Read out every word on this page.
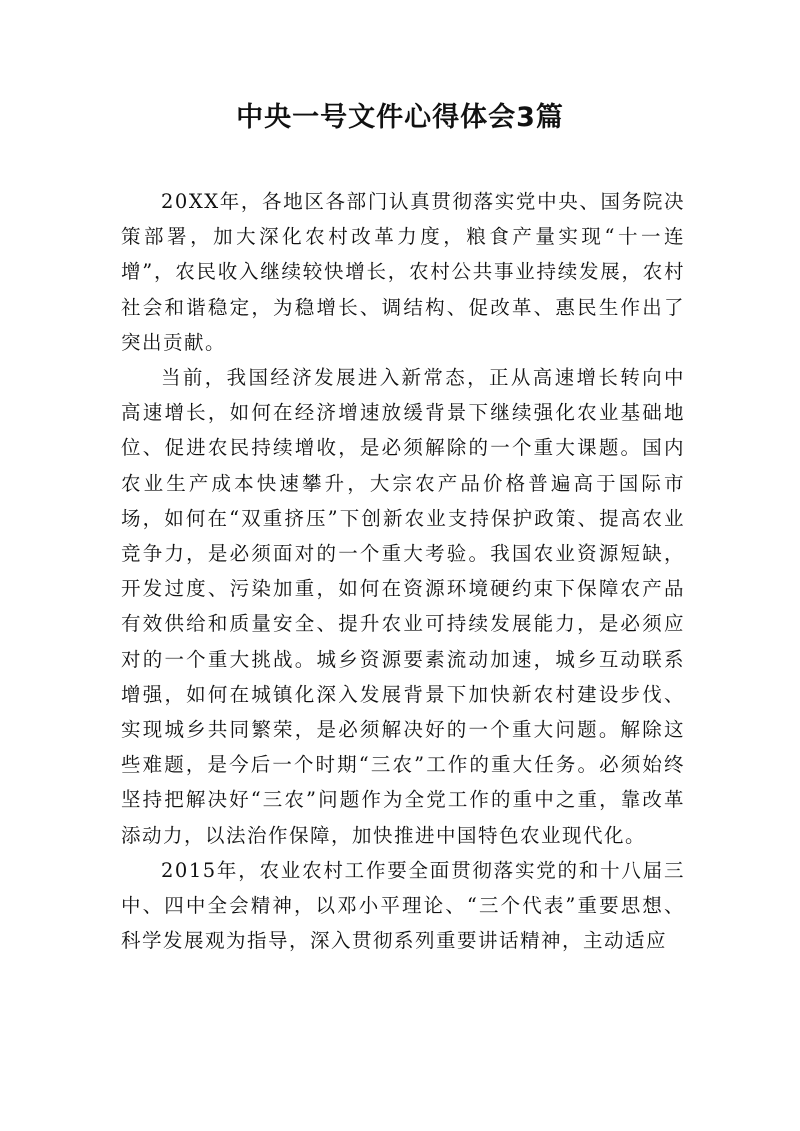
中央一号文件心得体会3篇

20XX年，各地区各部门认真贯彻落实党中央、国务院决策部署，加大深化农村改革力度，粮食产量实现“十一连增”，农民收入继续较快增长，农村公共事业持续发展，农村社会和谐稳定，为稳增长、调结构、促改革、惠民生作出了突出贡献。

当前，我国经济发展进入新常态，正从高速增长转向中高速增长，如何在经济增速放缓背景下继续强化农业基础地位、促进农民持续增收，是必须解除的一个重大课题。国内农业生产成本快速攀升，大宗农产品价格普遍高于国际市场，如何在“双重挤压”下创新农业支持保护政策、提高农业竞争力，是必须面对的一个重大考验。我国农业资源短缺，开发过度、污染加重，如何在资源环境硬约束下保障农产品有效供给和质量安全、提升农业可持续发展能力，是必须应对的一个重大挑战。城乡资源要素流动加速，城乡互动联系增强，如何在城镇化深入发展背景下加快新农村建设步伐、实现城乡共同繁荣，是必须解决好的一个重大问题。解除这些难题，是今后一个时期“三农”工作的重大任务。必须始终坚持把解决好“三农”问题作为全党工作的重中之重，靠改革添动力，以法治作保障，加快推进中国特色农业现代化。

2015年，农业农村工作要全面贯彻落实党的和十八届三中、四中全会精神，以邓小平理论、“三个代表”重要思想、科学发展观为指导，深入贯彻系列重要讲话精神，主动适应
